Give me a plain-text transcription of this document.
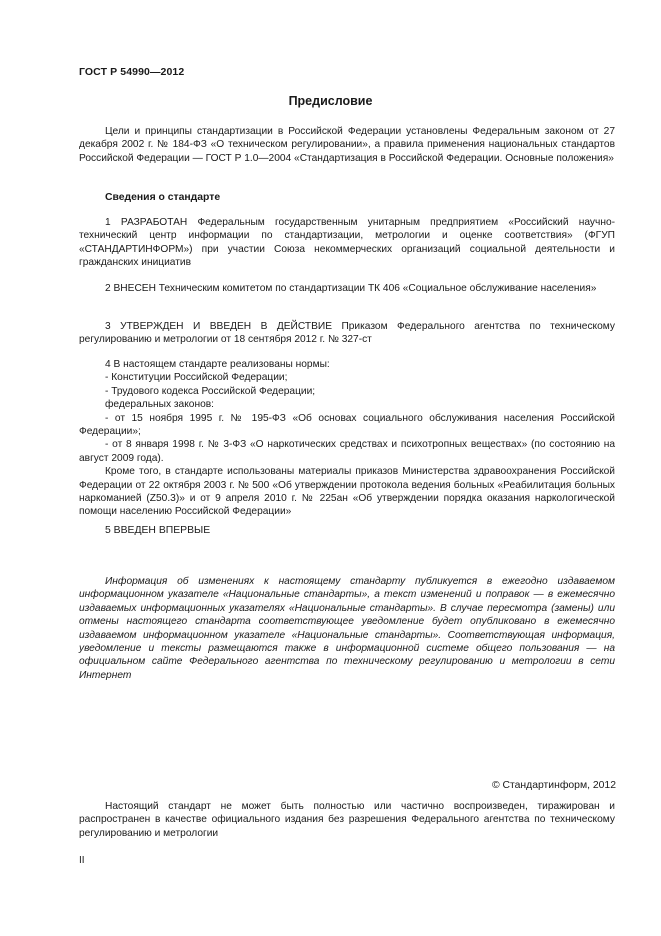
ГОСТ Р 54990—2012
Предисловие

Цели и принципы стандартизации в Российской Федерации установлены Федеральным законом от 27 декабря 2002 г. № 184-ФЗ «О техническом регулировании», а правила применения национальных стандартов Российской Федерации — ГОСТ Р 1.0—2004 «Стандартизация в Российской Федерации. Основные положения»

Сведения о стандарте

1 РАЗРАБОТАН Федеральным государственным унитарным предприятием «Российский научно-технический центр информации по стандартизации, метрологии и оценке соответствия» (ФГУП «СТАНДАРТИНФОРМ») при участии Союза некоммерческих организаций социальной деятельности и гражданских инициатив

2 ВНЕСЕН Техническим комитетом по стандартизации ТК 406 «Социальное обслуживание населения»

3 УТВЕРЖДЕН И ВВЕДЕН В ДЕЙСТВИЕ Приказом Федерального агентства по техническому регулированию и метрологии от 18 сентября 2012 г. № 327-ст

4 В настоящем стандарте реализованы нормы:

- Конституции Российской Федерации;

- Трудового кодекса Российской Федерации;

федеральных законов:

- от 15 ноября 1995 г. № 195-ФЗ «Об основах социального обслуживания населения Российской Федерации»;

- от 8 января 1998 г. № 3-ФЗ «О наркотических средствах и психотропных веществах» (по состоянию на август 2009 года).

Кроме того, в стандарте использованы материалы приказов Министерства здравоохранения Российской Федерации от 22 октября 2003 г. № 500 «Об утверждении протокола ведения больных «Реабилитация больных наркоманией (Z50.3)» и от 9 апреля 2010 г. № 225ан «Об утверждении порядка оказания наркологической помощи населению Российской Федерации»

5 ВВЕДЕН ВПЕРВЫЕ

Информация об изменениях к настоящему стандарту публикуется в ежегодно издаваемом информационном указателе «Национальные стандарты», а текст изменений и поправок — в ежемесячно издаваемых информационных указателях «Национальные стандарты». В случае пересмотра (замены) или отмены настоящего стандарта соответствующее уведомление будет опубликовано в ежемесячно издаваемом информационном указателе «Национальные стандарты». Соответствующая информация, уведомление и тексты размещаются также в информационной системе общего пользования — на официальном сайте Федерального агентства по техническому регулированию и метрологии в сети Интернет

© Стандартинформ, 2012

Настоящий стандарт не может быть полностью или частично воспроизведен, тиражирован и распространен в качестве официального издания без разрешения Федерального агентства по техническому регулированию и метрологии

II
